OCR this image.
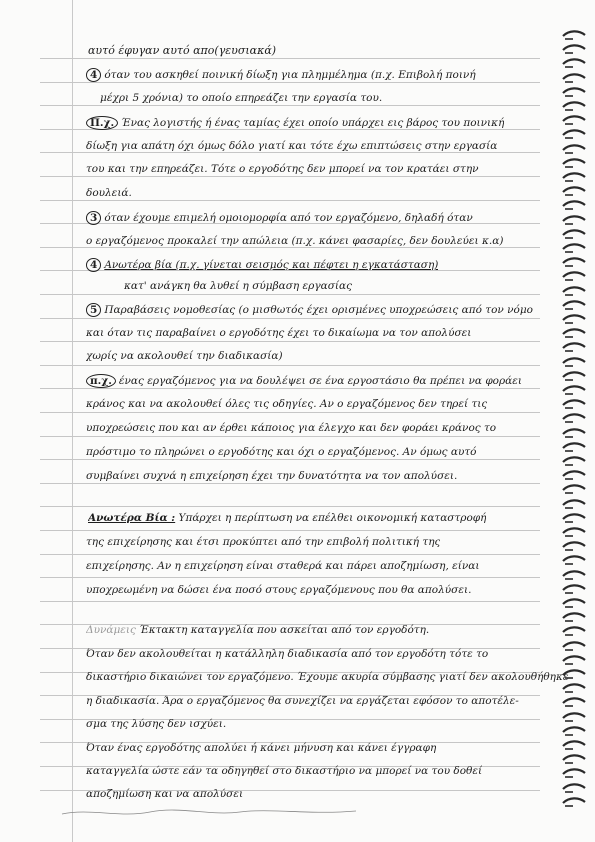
αυτό έφυγαν αυτό απο(γευσιακά)
4 όταν του ασκηθεί ποινική δίωξη για πλημμέλημα (π.χ. Επιβολή ποινή
μέχρι 5 χρόνια) το οποίο επηρεάζει την εργασία του.
Π.χ. Ένας λογιστής ή ένας ταμίας έχει οποίο υπάρχει εις βάρος του ποινική
δίωξη για απάτη όχι όμως δόλο γιατί και τότε έχω επιπτώσεις στην εργασία
του και την επηρεάζει. Τότε ο εργοδότης δεν μπορεί να τον κρατάει στην
δουλειά.
3 όταν έχουμε επιμελή ομοιομορφία από τον εργαζόμενο, δηλαδή όταν
ο εργαζόμενος προκαλεί την απώλεια (π.χ. κάνει φασαρίες, δεν δουλεύει κ.α)
4 Ανωτέρα βία (π.χ. γίνεται σεισμός και πέφτει η εγκατάσταση)
κατ' ανάγκη θα λυθεί η σύμβαση εργασίας
5 Παραβάσεις νομοθεσίας (ο μισθωτός έχει ορισμένες υποχρεώσεις από τον νόμο
και όταν τις παραβαίνει ο εργοδότης έχει το δικαίωμα να τον απολύσει
χωρίς να ακολουθεί την διαδικασία)
π.χ. ένας εργαζόμενος για να δουλέψει σε ένα εργοστάσιο θα πρέπει να φοράει
κράνος και να ακολουθεί όλες τις οδηγίες. Αν ο εργαζόμενος δεν τηρεί τις
υποχρεώσεις που και αν έρθει κάποιος για έλεγχο και δεν φοράει κράνος το
πρόστιμο το πληρώνει ο εργοδότης και όχι ο εργαζόμενος. Αν όμως αυτό
συμβαίνει συχνά η επιχείρηση έχει την δυνατότητα να τον απολύσει.
Ανωτέρα Βία : Υπάρχει η περίπτωση να επέλθει οικονομική καταστροφή
της επιχείρησης και έτσι προκύπτει από την επιβολή πολιτική της
επιχείρησης. Αν η επιχείρηση είναι σταθερά και πάρει αποζημίωση, είναι
υποχρεωμένη να δώσει ένα ποσό στους εργαζόμενους που θα απολύσει.
Δυνάμεις Έκτακτη καταγγελία που ασκείται από τον εργοδότη.
Όταν δεν ακολουθείται η κατάλληλη διαδικασία από τον εργοδότη τότε το
δικαστήριο δικαιώνει τον εργαζόμενο. Έχουμε ακυρία σύμβασης γιατί δεν ακολουθήθηκε
η διαδικασία. Άρα ο εργαζόμενος θα συνεχίζει να εργάζεται εφόσον το αποτέλε-
σμα της λύσης δεν ισχύει.
Όταν ένας εργοδότης απολύει ή κάνει μήνυση και κάνει έγγραφη
καταγγελία ώστε εάν τα οδηγηθεί στο δικαστήριο να μπορεί να του δοθεί
αποζημίωση και να απολύσει
